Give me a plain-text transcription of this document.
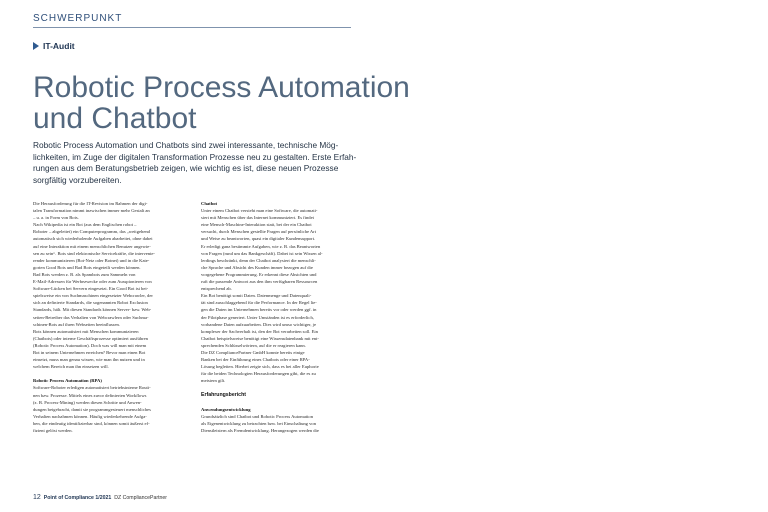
SCHWERPUNKT
IT-Audit
Robotic Process Automation
und Chatbot
Robotic Process Automation und Chatbots sind zwei interessante, technische Mög-
lichkeiten, im Zuge der digitalen Transformation Prozesse neu zu gestalten. Erste Erfah-
rungen aus dem Beratungsbetrieb zeigen, wie wichtig es ist, diese neuen Prozesse
sorgfältig vorzubereiten.
Die Herausforderung für die IT-Revision im Rahmen der digi-
talen Transformation nimmt inzwischen immer mehr Gestalt an
– u. a. in Form von Bots.
Nach Wikipedia ist ein Bot (aus dem Englischen robot –
Roboter – abgeleitet) ein Computerprogramm, das „weitgehend
automatisch sich wiederholende Aufgaben abarbeitet, ohne dabei
auf eine Interaktion mit einem menschlichen Benutzer angewie-
sen zu sein“. Bots sind elektronische Servicekräfte, die intervenie-
render kommunizieren (Bot-Netz oder Botnet) und in die Kate-
gorien Good Bots und Bad Bots eingeteilt werden können.
Bad Bots werden z. B. als Spambots zum Sammeln von
E-Mail-Adressen für Werbezwecke oder zum Ausspionieren von
Software-Lücken bei Servern eingesetzt. Ein Good Bot ist bei-
spielsweise ein von Suchmaschinen eingesetzter Webcrawler, der
sich an definierte Standards, die sogenannten Robot Exclusion
Standards, hält. Mit diesen Standards können Server- bzw. Web-
seiten-Betreiber das Verhalten von Webcrawlern oder Suchma-
schinen-Bots auf ihren Webseiten beeinflussen.
Bots können automatisiert mit Menschen kommunizieren
(Chatbots) oder interne Geschäftsprozesse optimiert ausführen
(Robotic Process Automation). Doch was will man mit einem
Bot in seinem Unternehmen erreichen? Bevor man einen Bot
einsetzt, muss man genau wissen, wie man ihn nutzen und in
welchem Bereich man ihn einsetzen will.
Robotic Process Automation (RPA)
Software-Roboter erledigen automatisiert betriebsinterne Routi-
nen bzw. Prozesse. Mittels eines zuvor definierten Workflows
(z. B. Process-Mining) werden diesen Schritte und Anwen-
dungen beigebracht, damit sie programmgesteuert menschliches
Verhalten nachahmen können. Häufig wiederkehrende Aufga-
ben, die eindeutig identifizierbar sind, können somit äußerst ef-
fizient gelöst werden.
Chatbot
Unter einem Chatbot versteht man eine Software, die automati-
siert mit Menschen über das Internet kommuniziert. Es findet
eine Mensch-Maschine-Interaktion statt, bei der ein Chatbot
versucht, durch Menschen gestellte Fragen auf persönliche Art
und Weise zu beantworten, quasi ein digitaler Kundensupport.
Er erledigt ganz bestimmte Aufgaben, wie z. B. das Beantworten
von Fragen (rund um das Bankgeschäft). Dabei ist sein Wissen al-
lerdings beschränkt, denn der Chatbot analysiert die menschli-
che Sprache und Absicht des Kunden immer bezogen auf die
vorgegebene Programmierung. Er erkennt diese Absichten und
ruft die passende Antwort aus den ihm verfügbaren Ressourcen
entsprechend ab.
Ein Bot benötigt somit Daten. Datenmenge und Datenquali-
tät sind ausschlaggebend für die Performance. In der Regel lie-
gen die Daten im Unternehmen bereits vor oder werden ggf. in
der Pilotphase generiert. Unter Umständen ist es erforderlich,
vorhandene Daten aufzuarbeiten. Dies wird umso wichtiger, je
komplexer der Sachverhalt ist, den der Bot verarbeiten soll. Ein
Chatbot beispielsweise benötigt eine Wissensdatenbank mit ent-
sprechenden Schlüsselwörtern, auf die er reagieren kann.
Die DZ CompliancePartner GmbH konnte bereits einige
Banken bei der Einführung eines Chatbots oder einer RPA-
Lösung begleiten. Hierbei zeigte sich, dass es bei aller Euphorie
für die beiden Technologien Herausforderungen gibt, die es zu
meistern gilt.
Erfahrungsbericht
Anwendungsentwicklung
Grundsätzlich sind Chatbot und Robotic Process Automation
als Eigenentwicklung zu betrachten bzw. bei Einschaltung von
Dienstleistern als Fremdentwicklung. Herangezogen werden die
12 Point of Compliance 1/2021 DZ CompliancePartner
